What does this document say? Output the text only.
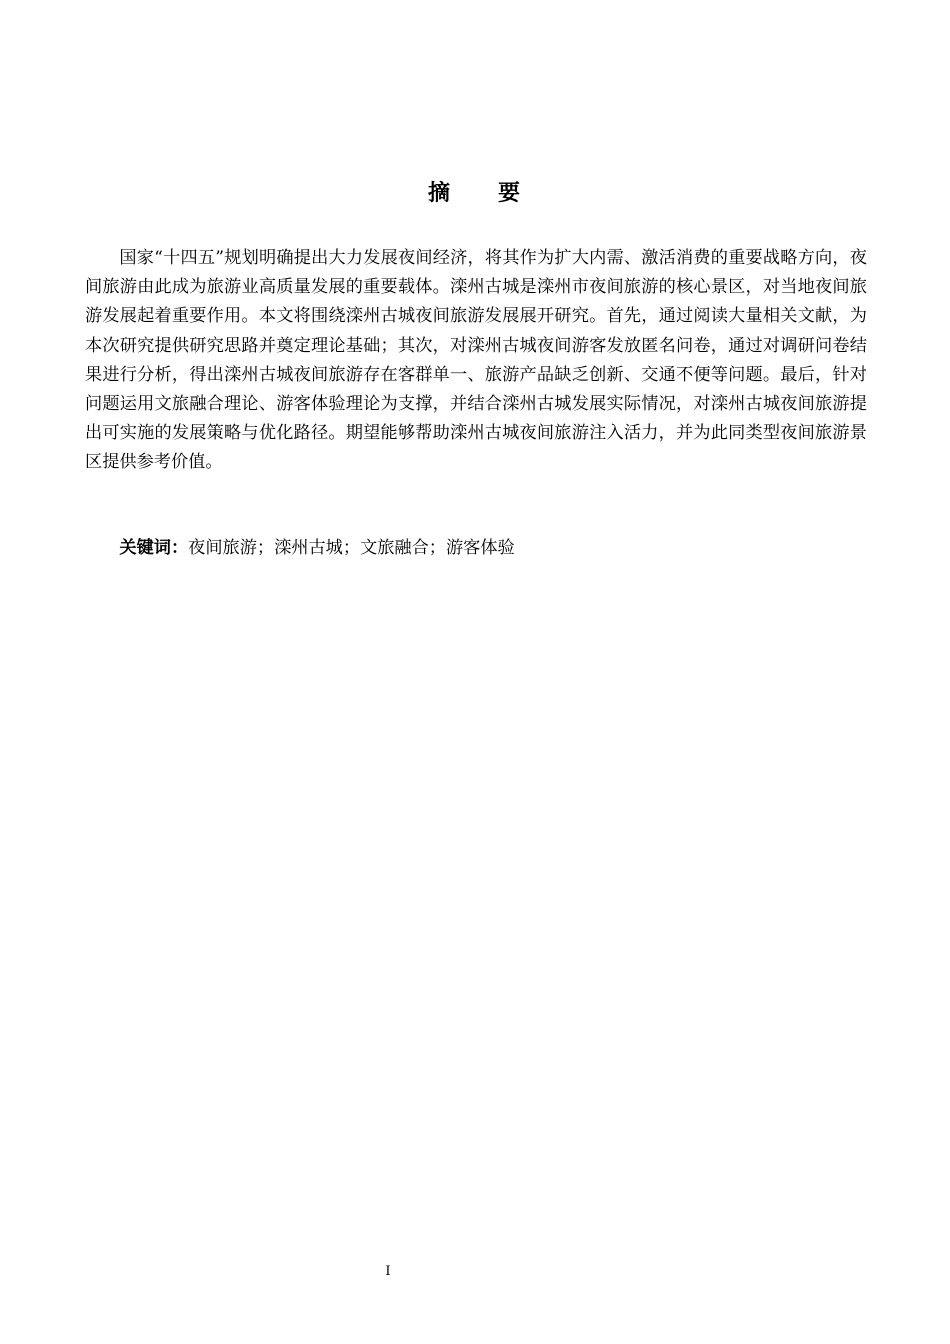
摘 要

国家“十四五”规划明确提出大力发展夜间经济，将其作为扩大内需、激活消费的重要战略方向，夜间旅游由此成为旅游业高质量发展的重要载体。滦州古城是滦州市夜间旅游的核心景区，对当地夜间旅游发展起着重要作用。本文将围绕滦州古城夜间旅游发展展开研究。首先，通过阅读大量相关文献，为本次研究提供研究思路并奠定理论基础；其次，对滦州古城夜间游客发放匿名问卷，通过对调研问卷结果进行分析，得出滦州古城夜间旅游存在客群单一、旅游产品缺乏创新、交通不便等问题。最后，针对问题运用文旅融合理论、游客体验理论为支撑，并结合滦州古城发展实际情况，对滦州古城夜间旅游提出可实施的发展策略与优化路径。期望能够帮助滦州古城夜间旅游注入活力，并为此同类型夜间旅游景区提供参考价值。

关键词：夜间旅游；滦州古城；文旅融合；游客体验

I
